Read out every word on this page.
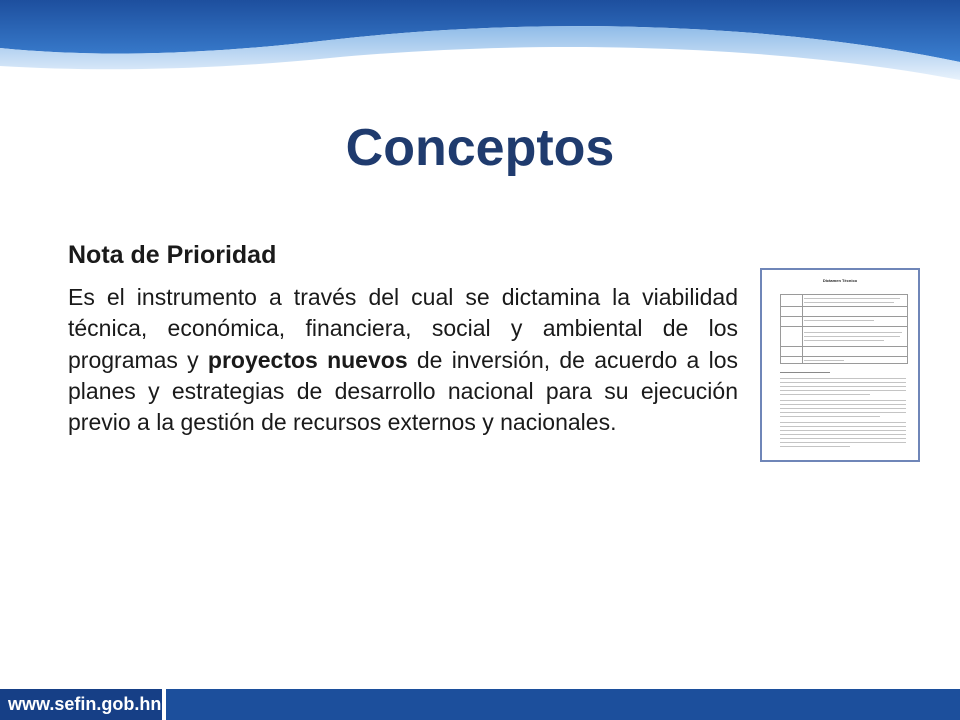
Conceptos
Nota de Prioridad

Es el instrumento a través del cual se dictamina la viabilidad técnica, económica, financiera, social y ambiental de los programas y proyectos nuevos de inversión, de acuerdo a los planes y estrategias de desarrollo nacional para su ejecución previo a la gestión de recursos externos y nacionales.

Dictamen Técnico
www.sefin.gob.hn
